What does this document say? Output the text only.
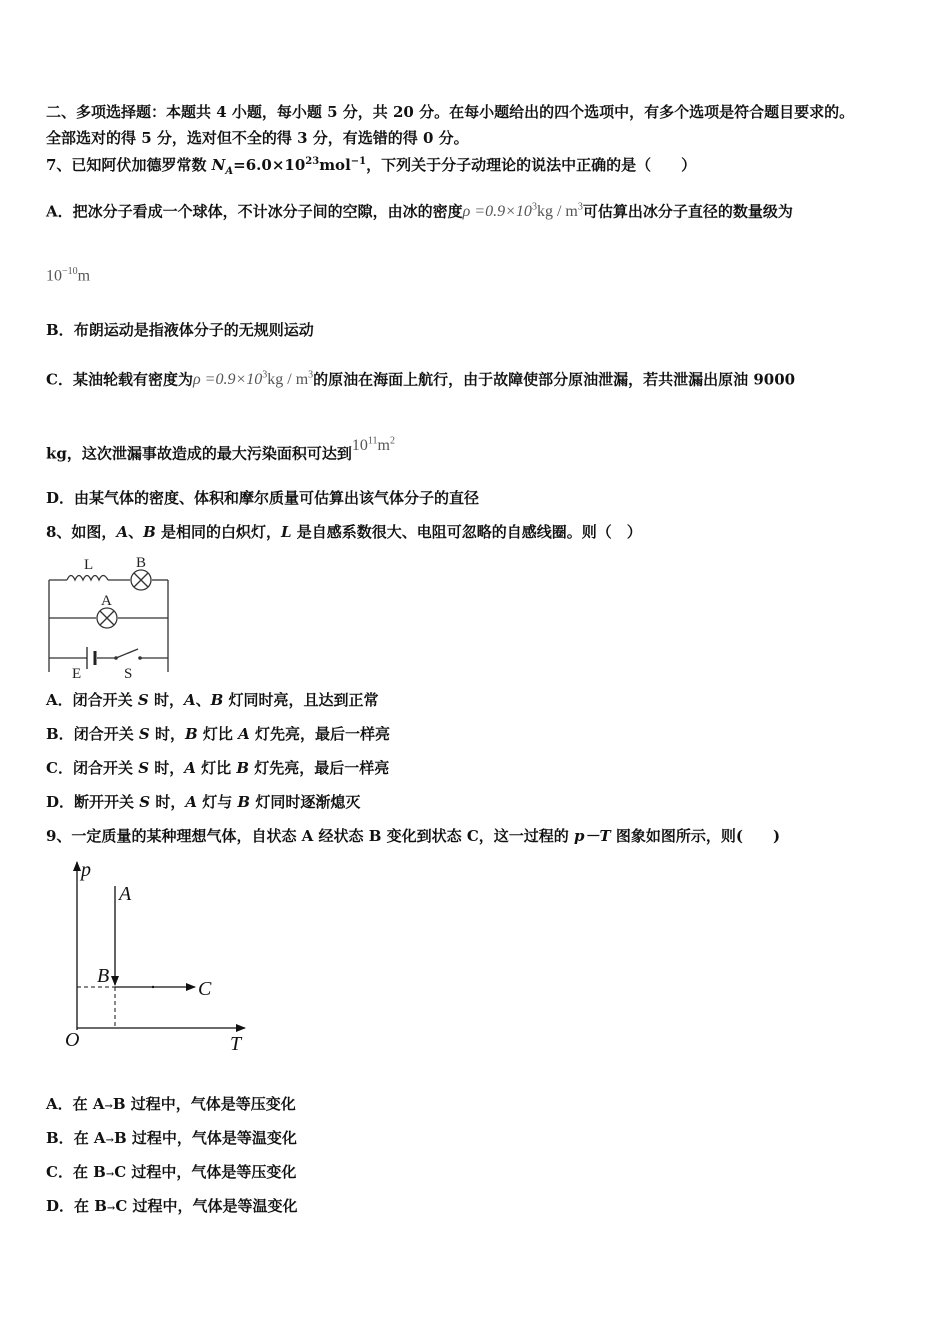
二、多项选择题：本题共 4 小题，每小题 5 分，共 20 分。在每小题给出的四个选项中，有多个选项是符合题目要求的。
全部选对的得 5 分，选对但不全的得 3 分，有选错的得 0 分。
7、已知阿伏加德罗常数 $N_A=6.0\times 10^{23}mol^{-1}$，下列关于分子动理论的说法中正确的是（　　）
A．把冰分子看成一个球体，不计冰分子间的空隙，由冰的密度$\rho =0.9\times 10^3kg / m^3$可估算出冰分子直径的数量级为
$10^{-10}m$
B．布朗运动是指液体分子的无规则运动
C．某油轮载有密度为$\rho =0.9\times 10^3kg / m^3$的原油在海面上航行，由于故障使部分原油泄漏，若共泄漏出原油 9000
kg，这次泄漏事故造成的最大污染面积可达到$10^{11}m^2$
D．由某气体的密度、体积和摩尔质量可估算出该气体分子的直径
8、如图，A、B 是相同的白炽灯，L 是自感系数很大、电阻可忽略的自感线圈。则（　）
L	B
A
E	S
A．闭合开关 S 时，A、B 灯同时亮，且达到正常
B．闭合开关 S 时，B 灯比 A 灯先亮，最后一样亮
C．闭合开关 S 时，A 灯比 B 灯先亮，最后一样亮
D．断开开关 S 时，A 灯与 B 灯同时逐渐熄灭
9、一定质量的某种理想气体，自状态 A 经状态 B 变化到状态 C，这一过程的 p－T 图象如图所示，则(　　)
p
T
O
A
B
C
A．在 A→B 过程中，气体是等压变化
B．在 A→B 过程中，气体是等温变化
C．在 B→C 过程中，气体是等压变化
D．在 B→C 过程中，气体是等温变化
